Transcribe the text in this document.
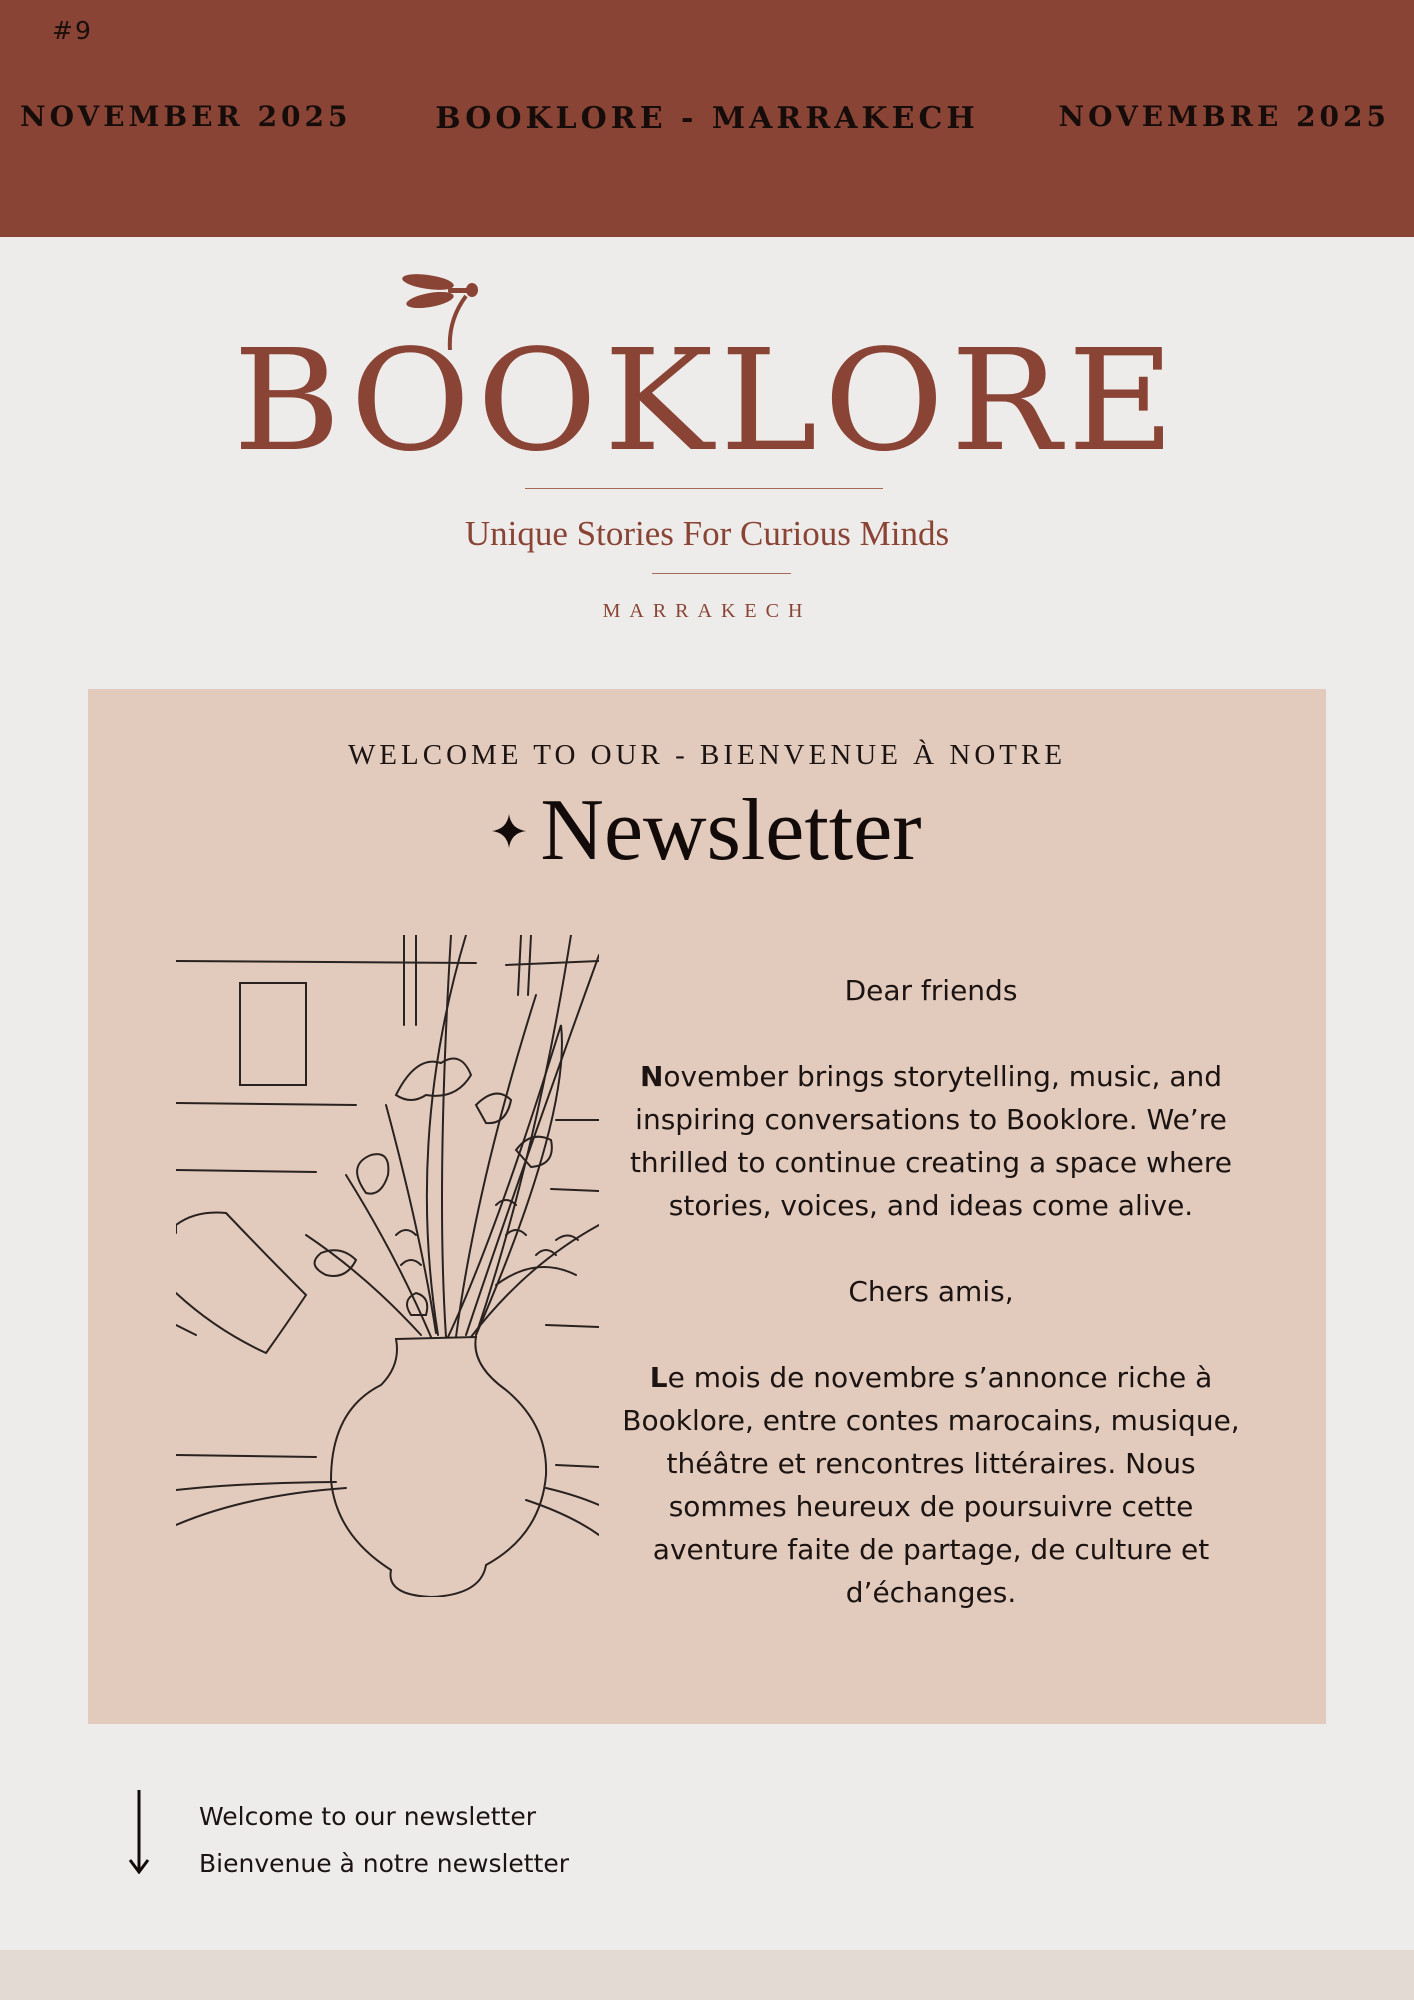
#9
NOVEMBER 2025	BOOKLORE - MARRAKECH	NOVEMBRE 2025
BOOKLORE
Unique Stories For Curious Minds
MARRAKECH
WELCOME TO OUR - BIENVENUE À NOTRE
Newsletter

Dear friends

November brings storytelling, music, and inspiring conversations to Booklore. We’re thrilled to continue creating a space where stories, voices, and ideas come alive.

Chers amis,

Le mois de novembre s’annonce riche à Booklore, entre contes marocains, musique, théâtre et rencontres littéraires. Nous sommes heureux de poursuivre cette aventure faite de partage, de culture et d’échanges.

Welcome to our newsletter
Bienvenue à notre newsletter
